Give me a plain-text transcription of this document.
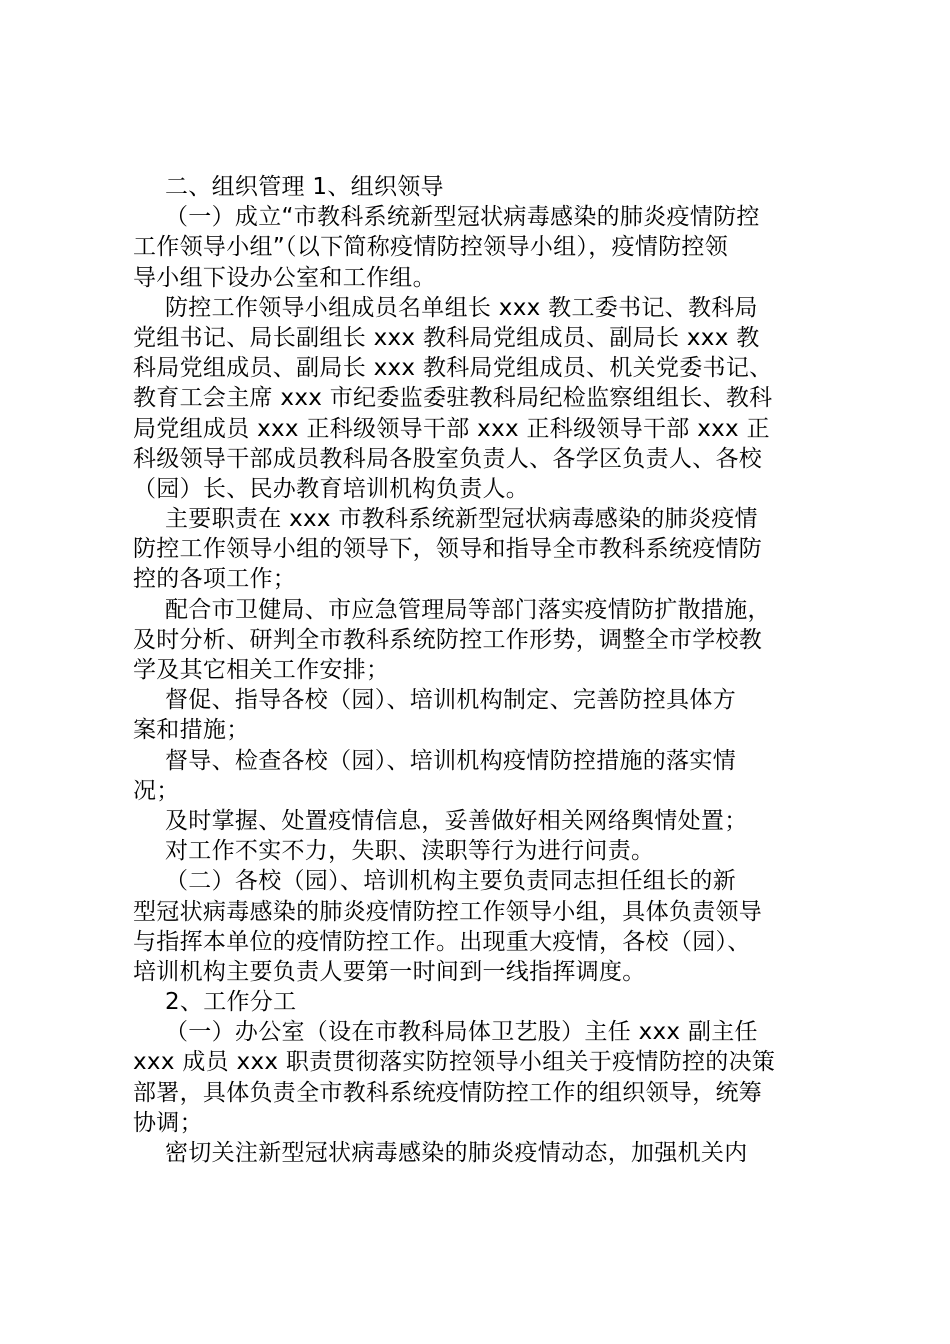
二、组织管理 1、组织领导
（一）成立“市教科系统新型冠状病毒感染的肺炎疫情防控
工作领导小组”（以下简称疫情防控领导小组），疫情防控领
导小组下设办公室和工作组。
防控工作领导小组成员名单组长 xxx 教工委书记、教科局
党组书记、局长副组长 xxx 教科局党组成员、副局长 xxx 教
科局党组成员、副局长 xxx 教科局党组成员、机关党委书记、
教育工会主席 xxx 市纪委监委驻教科局纪检监察组组长、教科
局党组成员 xxx 正科级领导干部 xxx 正科级领导干部 xxx 正
科级领导干部成员教科局各股室负责人、各学区负责人、各校
（园）长、民办教育培训机构负责人。
主要职责在 xxx 市教科系统新型冠状病毒感染的肺炎疫情
防控工作领导小组的领导下，领导和指导全市教科系统疫情防
控的各项工作；
配合市卫健局、市应急管理局等部门落实疫情防扩散措施，
及时分析、研判全市教科系统防控工作形势，调整全市学校教
学及其它相关工作安排；
督促、指导各校（园）、培训机构制定、完善防控具体方
案和措施；
督导、检查各校（园）、培训机构疫情防控措施的落实情
况；
及时掌握、处置疫情信息，妥善做好相关网络舆情处置；
对工作不实不力，失职、渎职等行为进行问责。
（二）各校（园）、培训机构主要负责同志担任组长的新
型冠状病毒感染的肺炎疫情防控工作领导小组，具体负责领导
与指挥本单位的疫情防控工作。出现重大疫情，各校（园）、
培训机构主要负责人要第一时间到一线指挥调度。
2、工作分工
（一）办公室（设在市教科局体卫艺股）主任 xxx 副主任
xxx 成员 xxx 职责贯彻落实防控领导小组关于疫情防控的决策
部署，具体负责全市教科系统疫情防控工作的组织领导，统筹
协调；
密切关注新型冠状病毒感染的肺炎疫情动态，加强机关内
